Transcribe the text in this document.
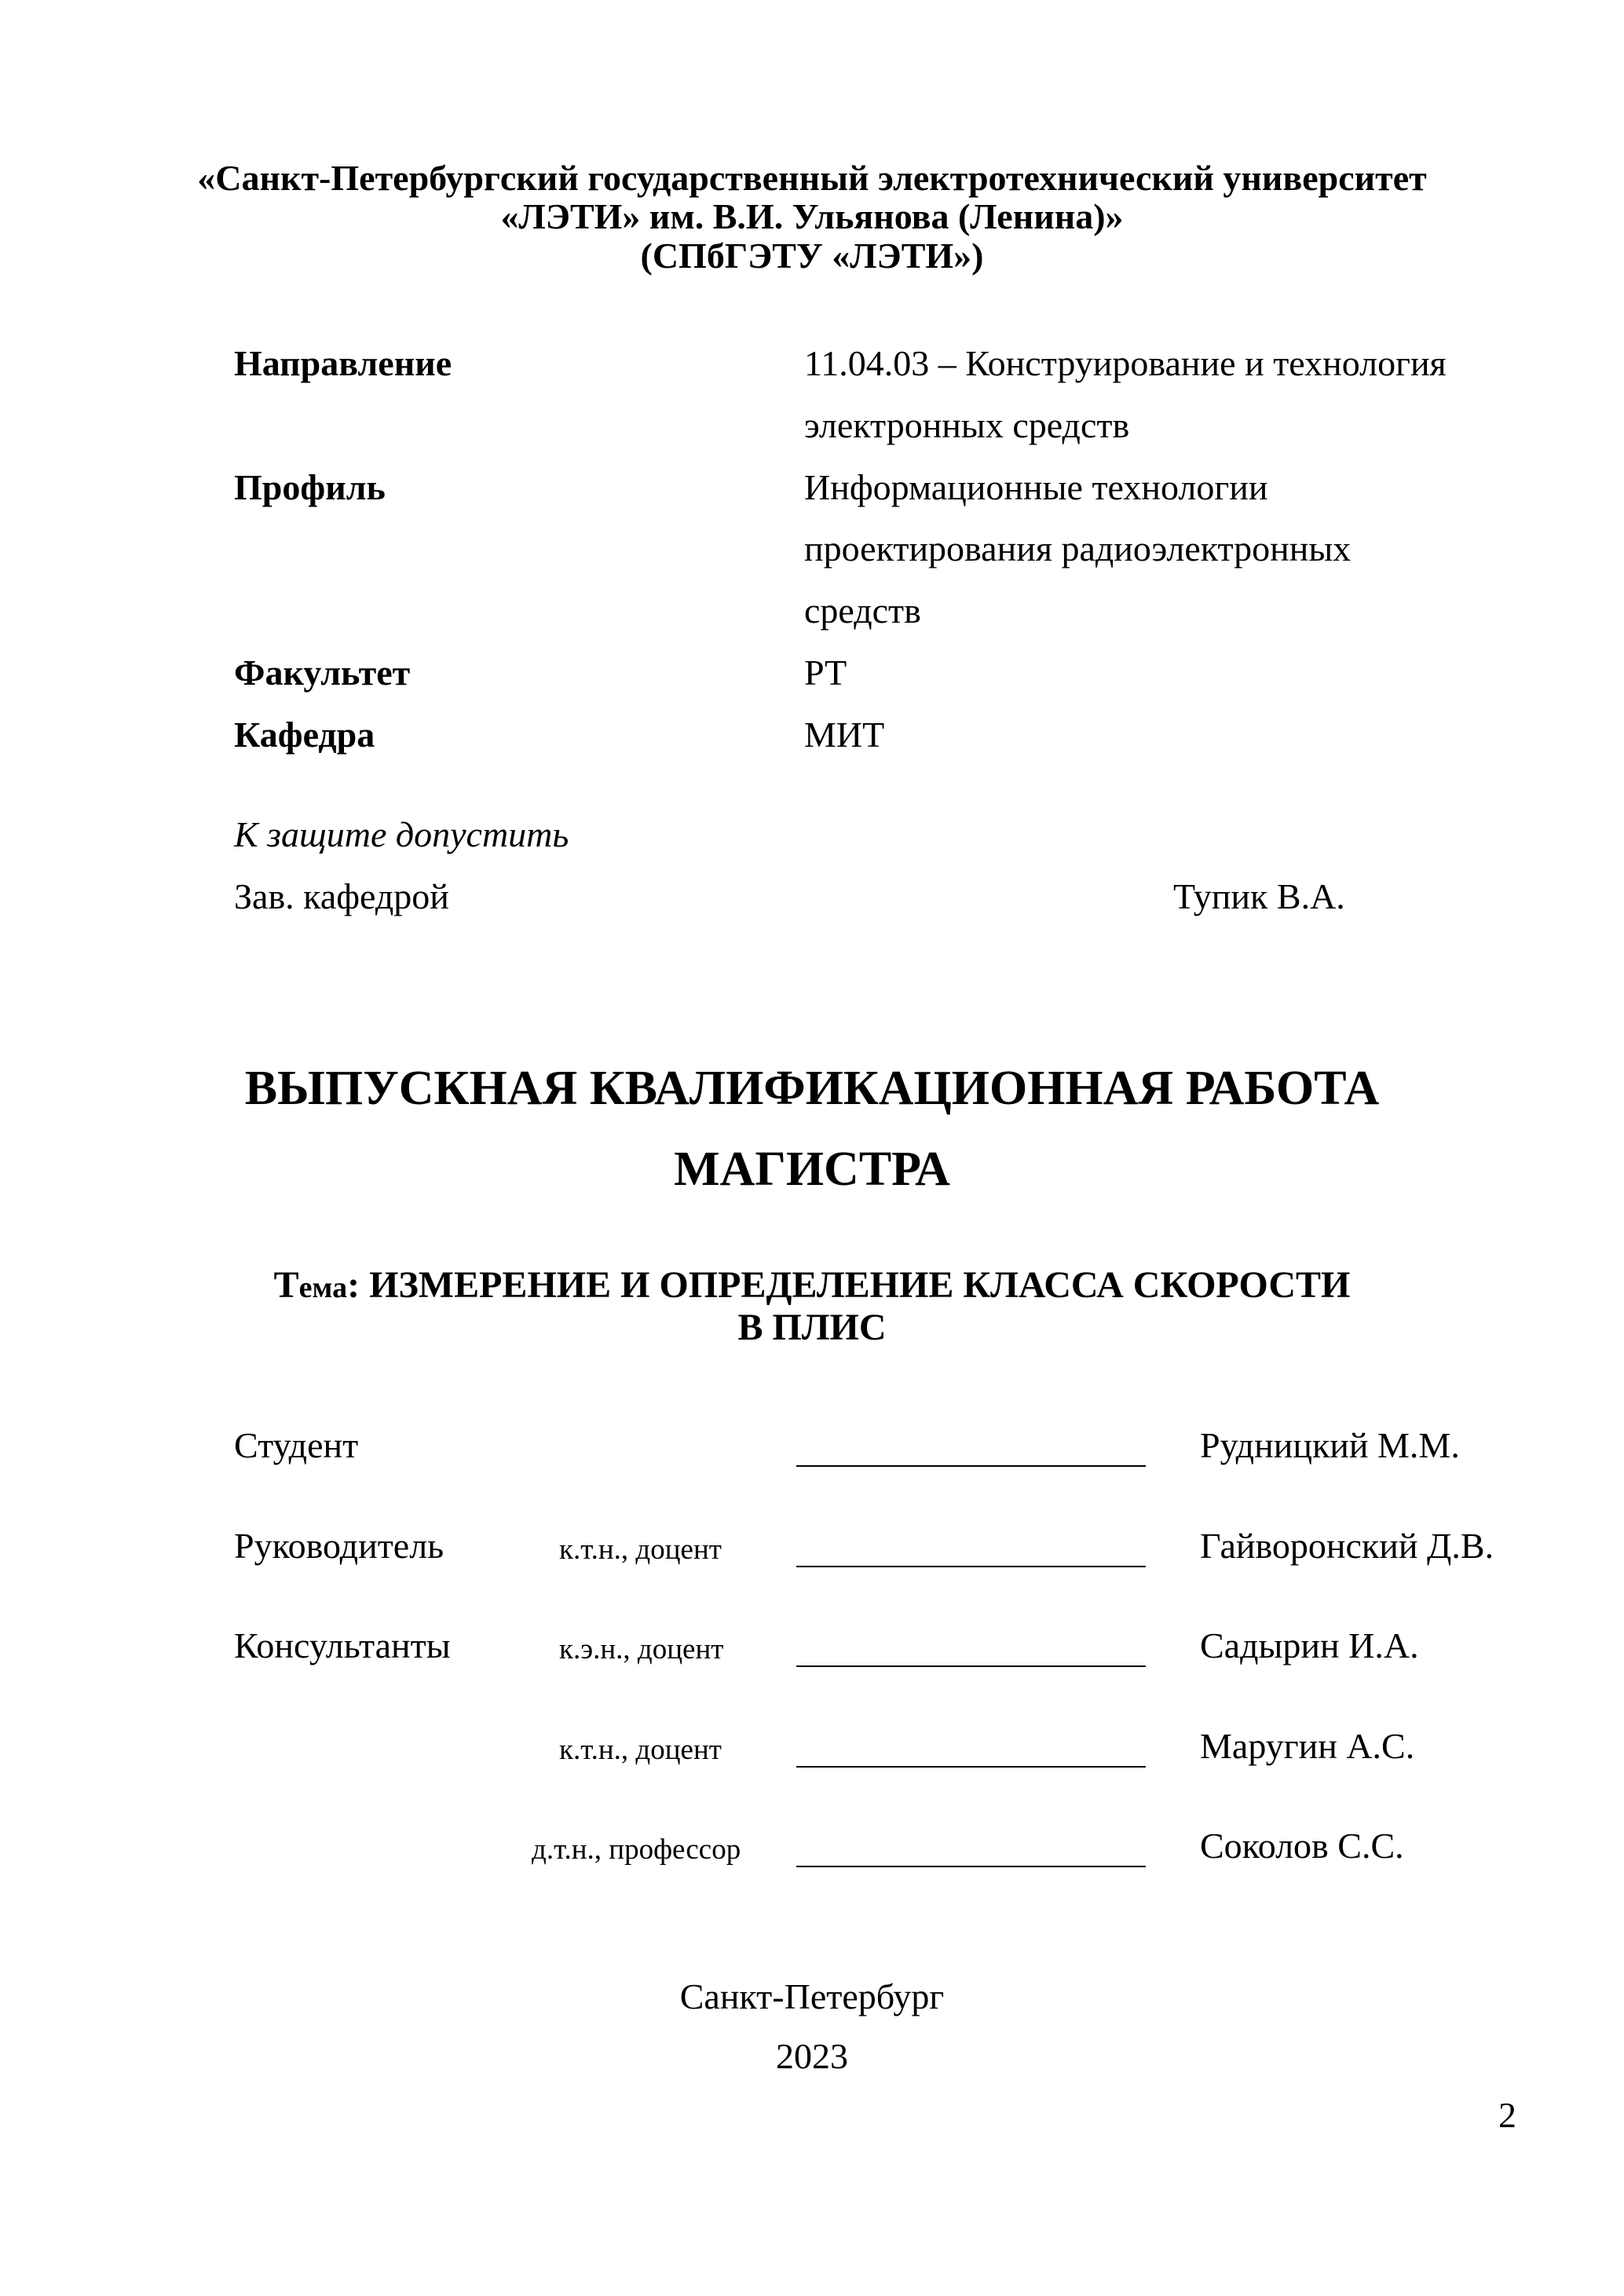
«Санкт-Петербургский государственный электротехнический университет
«ЛЭТИ» им. В.И. Ульянова (Ленина)»
(СПбГЭТУ «ЛЭТИ»)
Направление	11.04.03 – Конструирование и технология
электронных средств
Профиль	Информационные технологии
проектирования радиоэлектронных
средств
Факультет	РТ
Кафедра	МИТ
К защите допустить
Зав. кафедрой	Тупик В.А.
ВЫПУСКНАЯ КВАЛИФИКАЦИОННАЯ РАБОТА
МАГИСТРА
Тема: ИЗМЕРЕНИЕ И ОПРЕДЕЛЕНИЕ КЛАССА СКОРОСТИ
В ПЛИС
Студент	Рудницкий М.М.
Руководитель	к.т.н., доцент	Гайворонский Д.В.
Консультанты	к.э.н., доцент	Садырин И.А.
к.т.н., доцент	Маругин А.С.
д.т.н., профессор	Соколов С.С.
Санкт-Петербург
2023
2
